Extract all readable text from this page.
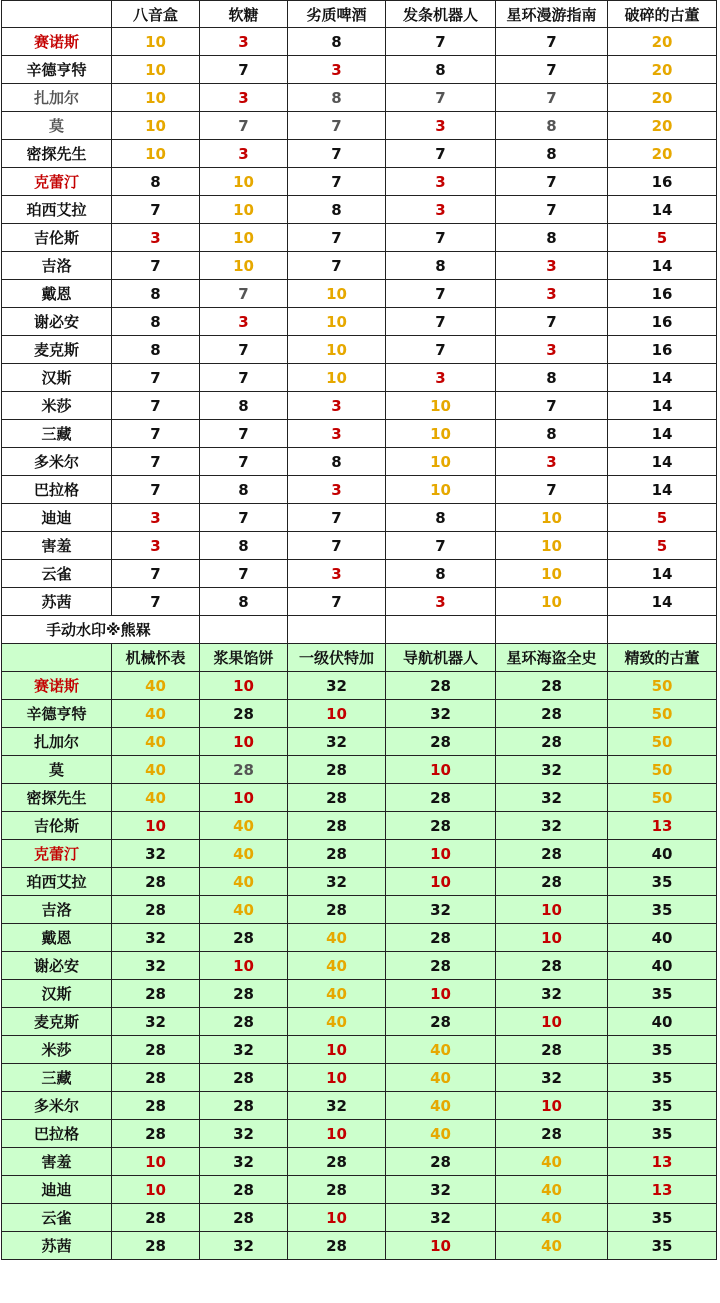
	八音盒	软糖	劣质啤酒	发条机器人	星环漫游指南	破碎的古董
赛诺斯	10	3	8	7	7	20
辛德亨特	10	7	3	8	7	20
扎加尔	10	3	8	7	7	20
莫	10	7	7	3	8	20
密探先生	10	3	7	7	8	20
克蕾汀	8	10	7	3	7	16
珀西艾拉	7	10	8	3	7	14
吉伦斯	3	10	7	7	8	5
吉洛	7	10	7	8	3	14
戴恩	8	7	10	7	3	16
谢必安	8	3	10	7	7	16
麦克斯	8	7	10	7	3	16
汉斯	7	7	10	3	8	14
米莎	7	8	3	10	7	14
三藏	7	7	3	10	8	14
多米尔	7	7	8	10	3	14
巴拉格	7	8	3	10	7	14
迪迪	3	7	7	8	10	5
害羞	3	8	7	7	10	5
云雀	7	7	3	8	10	14
苏茜	7	8	7	3	10	14
手动水印※熊槑						
	机械怀表	浆果馅饼	一级伏特加	导航机器人	星环海盗全史	精致的古董
赛诺斯	40	10	32	28	28	50
辛德亨特	40	28	10	32	28	50
扎加尔	40	10	32	28	28	50
莫	40	28	28	10	32	50
密探先生	40	10	28	28	32	50
吉伦斯	10	40	28	28	32	13
克蕾汀	32	40	28	10	28	40
珀西艾拉	28	40	32	10	28	35
吉洛	28	40	28	32	10	35
戴恩	32	28	40	28	10	40
谢必安	32	10	40	28	28	40
汉斯	28	28	40	10	32	35
麦克斯	32	28	40	28	10	40
米莎	28	32	10	40	28	35
三藏	28	28	10	40	32	35
多米尔	28	28	32	40	10	35
巴拉格	28	32	10	40	28	35
害羞	10	32	28	28	40	13
迪迪	10	28	28	32	40	13
云雀	28	28	10	32	40	35
苏茜	28	32	28	10	40	35
